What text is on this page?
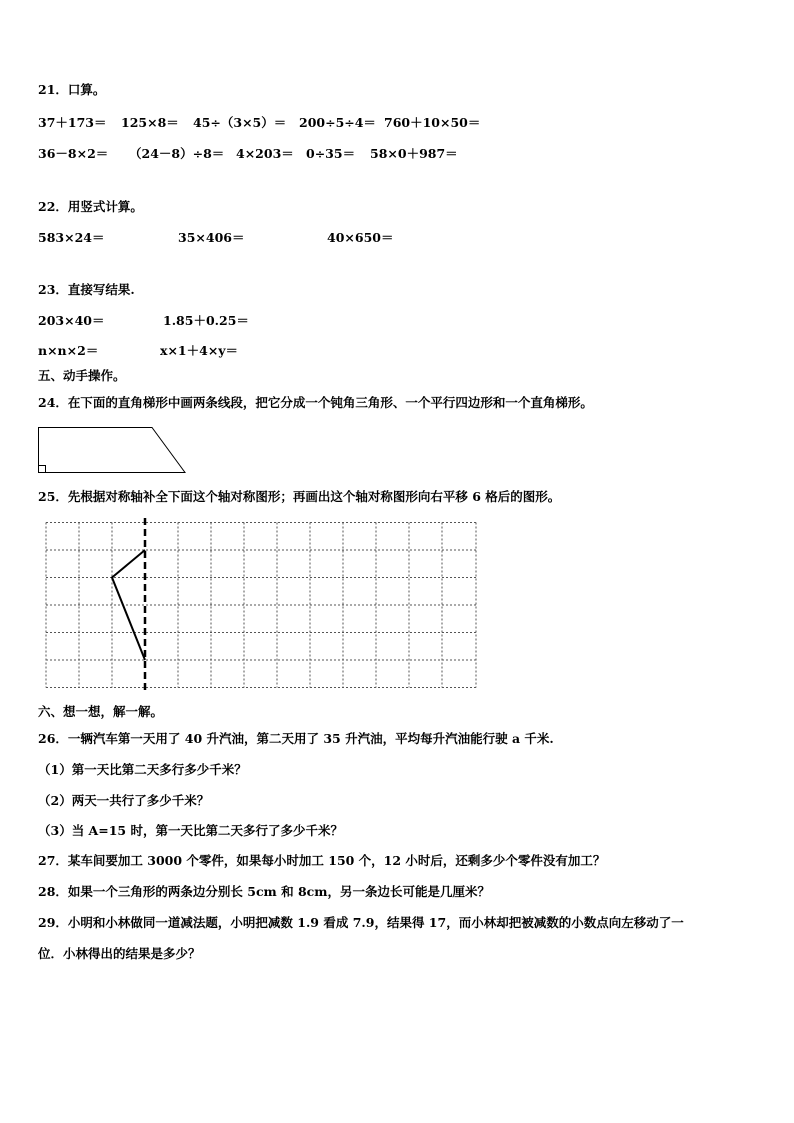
21．口算。
37＋173＝ 125×8＝ 45÷（3×5）＝ 200÷5÷4＝ 760＋10×50＝
36－8×2＝ （24－8）÷8＝ 4×203＝ 0÷35＝ 58×0＋987＝
22．用竖式计算。
583×24＝	35×406＝	40×650＝
23．直接写结果.
203×40＝	1.85＋0.25＝
n×n×2＝	x×1＋4×y＝
五、动手操作。
24．在下面的直角梯形中画两条线段，把它分成一个钝角三角形、一个平行四边形和一个直角梯形。
25．先根据对称轴补全下面这个轴对称图形；再画出这个轴对称图形向右平移 6 格后的图形。
六、想一想，解一解。
26．一辆汽车第一天用了 40 升汽油，第二天用了 35 升汽油，平均每升汽油能行驶 a 千米.
（1）第一天比第二天多行多少千米？
（2）两天一共行了多少千米？
（3）当 A=15 时，第一天比第二天多行了多少千米？
27．某车间要加工 3000 个零件，如果每小时加工 150 个，12 小时后，还剩多少个零件没有加工？
28．如果一个三角形的两条边分别长 5cm 和 8cm，另一条边长可能是几厘米？
29．小明和小林做同一道减法题，小明把减数 1.9 看成 7.9，结果得 17，而小林却把被减数的小数点向左移动了一
位．小林得出的结果是多少？
